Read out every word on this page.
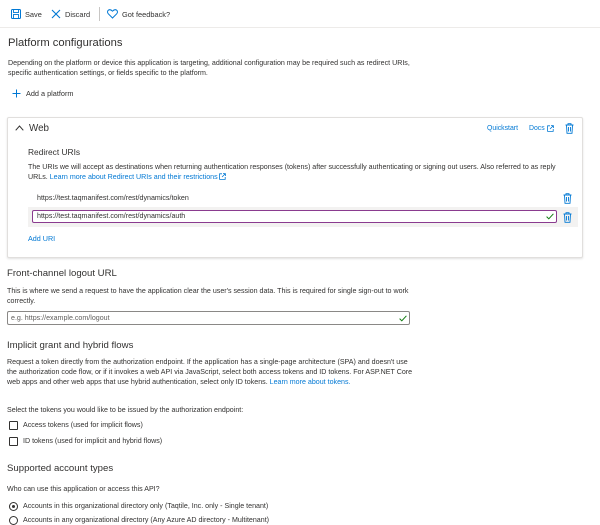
Save	Discard	Got feedback?
Platform configurations
Depending on the platform or device this application is targeting, additional configuration may be required such as redirect URIs, specific authentication settings, or fields specific to the platform.
Add a platform
Web	Quickstart Docs
Redirect URIs
The URIs we will accept as destinations when returning authentication responses (tokens) after successfully authenticating or signing out users. Also referred to as reply URLs. Learn more about Redirect URIs and their restrictions
https://test.taqmanifest.com/rest/dynamics/token
https://test.taqmanifest.com/rest/dynamics/auth
Add URI
Front-channel logout URL
This is where we send a request to have the application clear the user's session data. This is required for single sign-out to work correctly.
e.g. https://example.com/logout
Implicit grant and hybrid flows
Request a token directly from the authorization endpoint. If the application has a single-page architecture (SPA) and doesn't use the authorization code flow, or if it invokes a web API via JavaScript, select both access tokens and ID tokens. For ASP.NET Core web apps and other web apps that use hybrid authentication, select only ID tokens. Learn more about tokens.
Select the tokens you would like to be issued by the authorization endpoint:
Access tokens (used for implicit flows)
ID tokens (used for implicit and hybrid flows)
Supported account types
Who can use this application or access this API?
Accounts in this organizational directory only (Taqtile, Inc. only - Single tenant)
Accounts in any organizational directory (Any Azure AD directory - Multitenant)
